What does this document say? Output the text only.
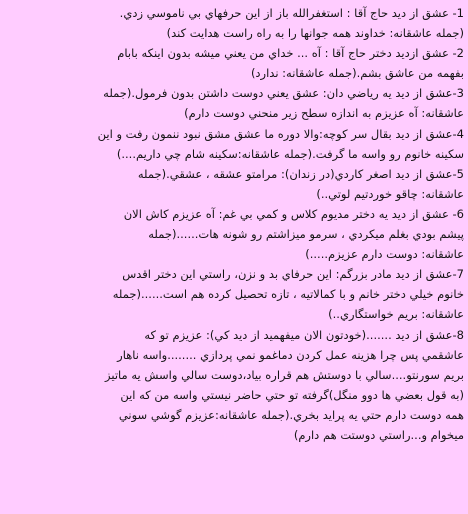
1- عشق از ديد حاج آقا : استغفرالله باز از اين حرفهاي بي ناموسي زدي.
(جمله عاشقانه: خداوند همه جوانها را به راه راست هدايت كند)
2- عشق ازديد دختر حاج آقا : آه ... خداي من يعني ميشه بدون اينكه بابام
بفهمه من عاشق بشم.(جمله عاشقانه: ندارد)
3-عشق از ديد يه رياضي دان: عشق يعني دوست داشتن بدون فرمول.(جمله
عاشقانه: آه عزيزم به اندازه سطح زير منحني دوست دارم)
4-عشق از ديد بقال سر كوچه:والا دوره ما عشق مشق نبود ننمون رفت و اين
سكينه خانوم رو واسه ما گرفت.(جمله عاشقانه:سكينه شام چي داريم....)
5-عشق از ديد اصغر كاردي(در زندان): مرامتو عشقه ، عشقي.(جمله
عاشقانه: چاقو خوردتيم لوتي..)
6- عشق از ديد يه دختر مديوم كلاس و كمي بي غم: آه عزيزم كاش الان
پيشم بودي بغلم ميكردي ، سرمو ميزاشتم رو شونه هات......(جمله
عاشقانه: دوست دارم عزيزم.....)
7-عشق از ديد مادر بزرگم: اين حرفاي بد و نزن، راستي اين دختر اقدس
خانوم خيلي دختر خانم و با كمالاتيه ، تازه تحصيل كرده هم است......(جمله
عاشقانه: بريم خواستگاري..)
8-عشق از ديد .......(خودتون الان ميفهميد از ديد كي): عزيزم تو كه
عاشقمي پس چرا هزينه عمل كردن دماغمو نمي پردازي ........واسه ناهار
بريم سورنتو....سالي با دوستش هم قراره بياد،دوست سالي واسش يه ماتيز
(به قول بعضي ها دوو منگل)گرفته تو حتي حاضر نيستي واسه من كه اين
همه دوست دارم حتي يه پرايد بخري.(جمله عاشقانه:عزيزم گوشي سوني
ميخوام و...راستي دوستت هم دارم)
